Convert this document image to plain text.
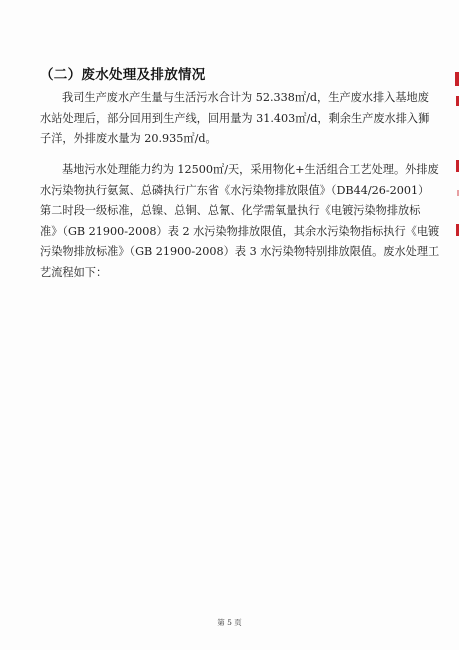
（二）废水处理及排放情况
我司生产废水产生量与生活污水合计为 52.338㎡/d，生产废水排入基地废
水站处理后，部分回用到生产线，回用量为 31.403㎡/d，剩余生产废水排入狮
子洋，外排废水量为 20.935㎡/d。
基地污水处理能力约为 12500㎡/天，采用物化+生活组合工艺处理。外排废
水污染物执行氨氮、总磷执行广东省《水污染物排放限值》（DB44/26-2001）
第二时段一级标准，总镍、总铜、总氰、化学需氧量执行《电镀污染物排放标
准》（GB 21900-2008）表 2 水污染物排放限值，其余水污染物指标执行《电镀
污染物排放标准》（GB 21900-2008）表 3 水污染物特别排放限值。废水处理工
艺流程如下：
第 5 页
